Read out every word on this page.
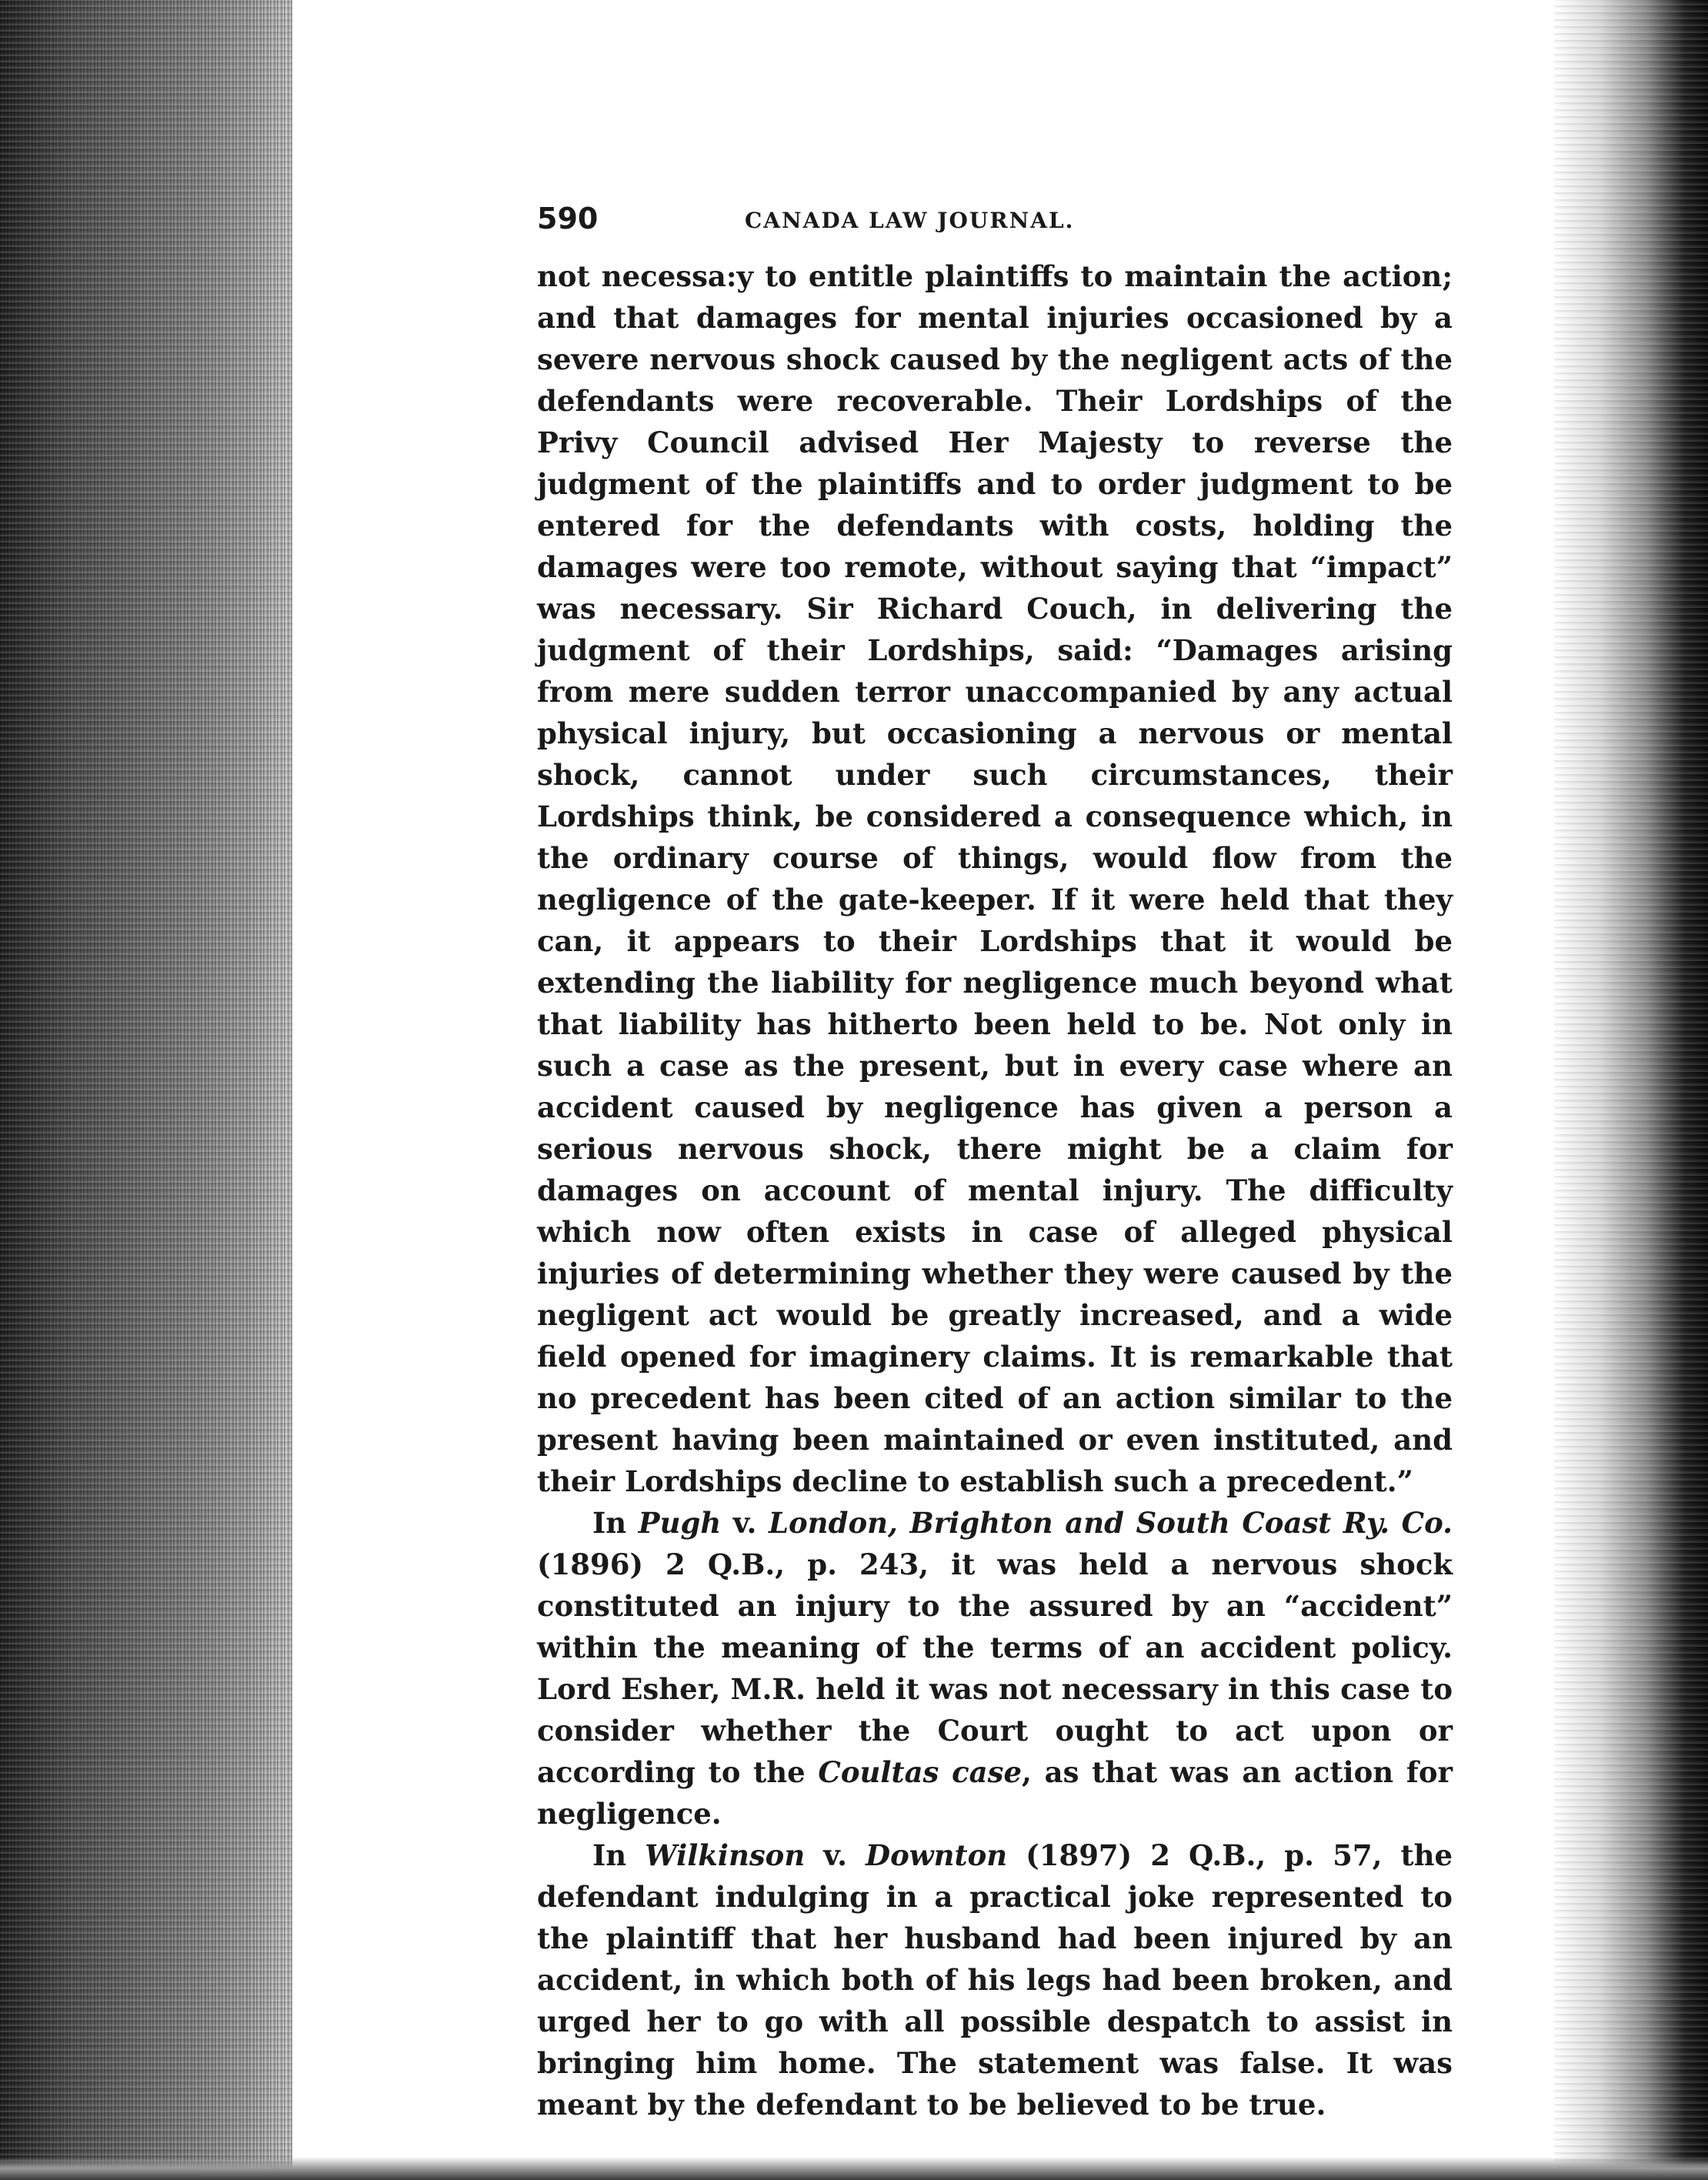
590	CANADA LAW JOURNAL.

not necessa:y to entitle plaintiffs to maintain the action; and that damages for mental injuries occasioned by a severe nervous shock caused by the negligent acts of the defendants were recoverable. Their Lordships of the Privy Council advised Her Majesty to reverse the judgment of the plaintiffs and to order judgment to be entered for the defendants with costs, holding the damages were too remote, without saying that “impact” was necessary. Sir Richard Couch, in delivering the judgment of their Lordships, said: “Damages arising from mere sudden terror unaccompanied by any actual physical injury, but occasioning a nervous or mental shock, cannot under such circumstances, their Lordships think, be considered a consequence which, in the ordinary course of things, would flow from the negligence of the gate-keeper. If it were held that they can, it appears to their Lordships that it would be extending the liability for negligence much beyond what that liability has hitherto been held to be. Not only in such a case as the present, but in every case where an accident caused by negligence has given a person a serious nervous shock, there might be a claim for damages on account of mental injury. The difficulty which now often exists in case of alleged physical injuries of determining whether they were caused by the negligent act would be greatly increased, and a wide field opened for imaginery claims. It is remarkable that no precedent has been cited of an action similar to the present having been maintained or even instituted, and their Lordships decline to establish such a precedent.”

In Pugh v. London, Brighton and South Coast Ry. Co. (1896) 2 Q.B., p. 243, it was held a nervous shock constituted an injury to the assured by an “accident” within the meaning of the terms of an accident policy. Lord Esher, M.R. held it was not necessary in this case to consider whether the Court ought to act upon or according to the Coultas case, as that was an action for negligence.

In Wilkinson v. Downton (1897) 2 Q.B., p. 57, the defendant indulging in a practical joke represented to the plaintiff that her husband had been injured by an accident, in which both of his legs had been broken, and urged her to go with all possible despatch to assist in bringing him home. The statement was false. It was meant by the defendant to be believed to be true.
